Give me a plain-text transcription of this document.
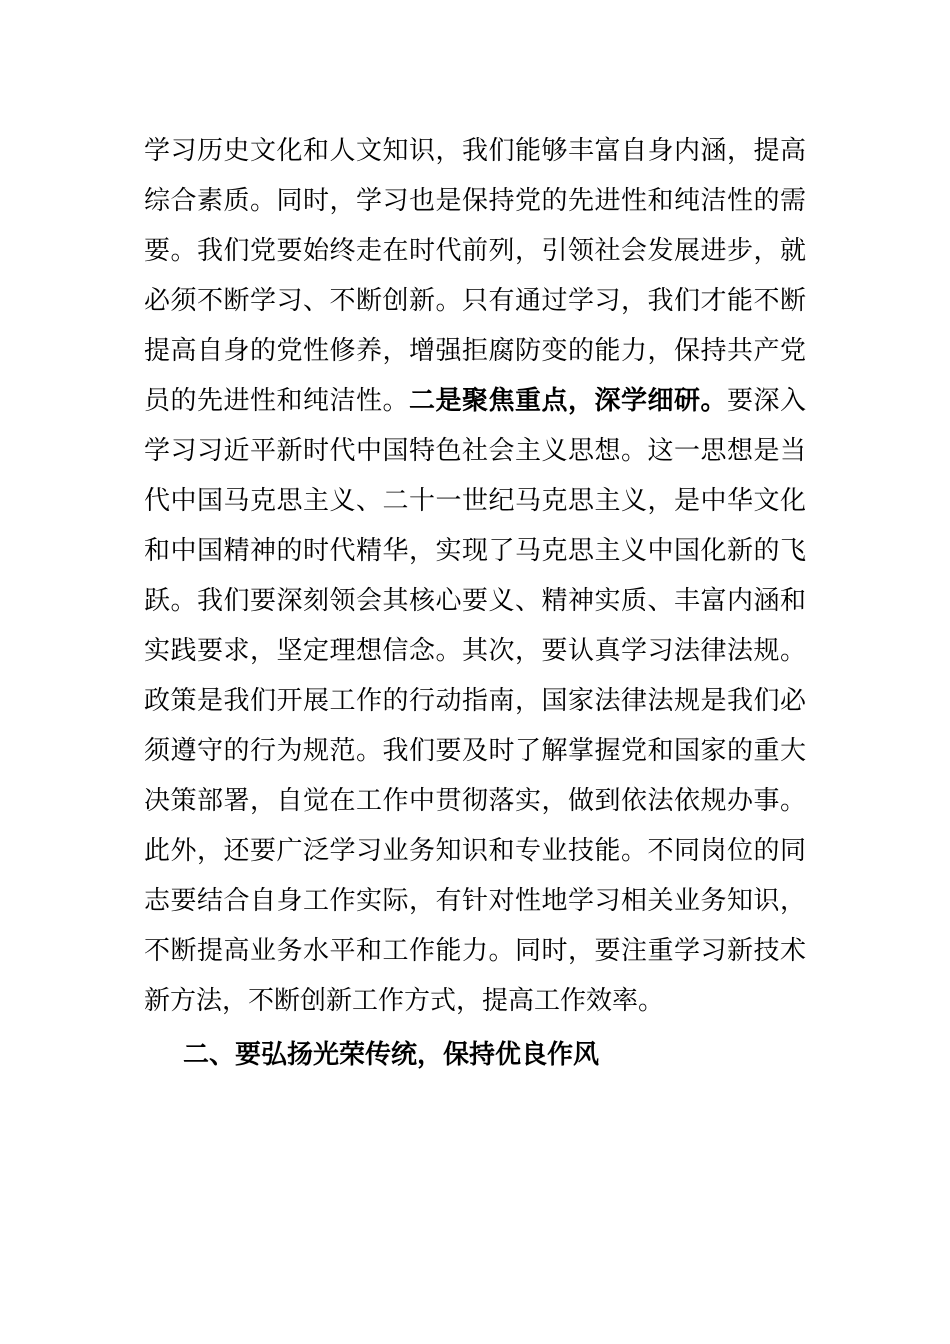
学习历史文化和人文知识，我们能够丰富自身内涵，提高综合素质。同时，学习也是保持党的先进性和纯洁性的需要。我们党要始终走在时代前列，引领社会发展进步，就必须不断学习、不断创新。只有通过学习，我们才能不断提高自身的党性修养，增强拒腐防变的能力，保持共产党员的先进性和纯洁性。二是聚焦重点，深学细研。要深入学习习近平新时代中国特色社会主义思想。这一思想是当代中国马克思主义、二十一世纪马克思主义，是中华文化和中国精神的时代精华，实现了马克思主义中国化新的飞跃。我们要深刻领会其核心要义、精神实质、丰富内涵和实践要求，坚定理想信念。其次，要认真学习法律法规。政策是我们开展工作的行动指南，国家法律法规是我们必须遵守的行为规范。我们要及时了解掌握党和国家的重大决策部署，自觉在工作中贯彻落实，做到依法依规办事。此外，还要广泛学习业务知识和专业技能。不同岗位的同志要结合自身工作实际，有针对性地学习相关业务知识，不断提高业务水平和工作能力。同时，要注重学习新技术新方法，不断创新工作方式，提高工作效率。

二、要弘扬光荣传统，保持优良作风
